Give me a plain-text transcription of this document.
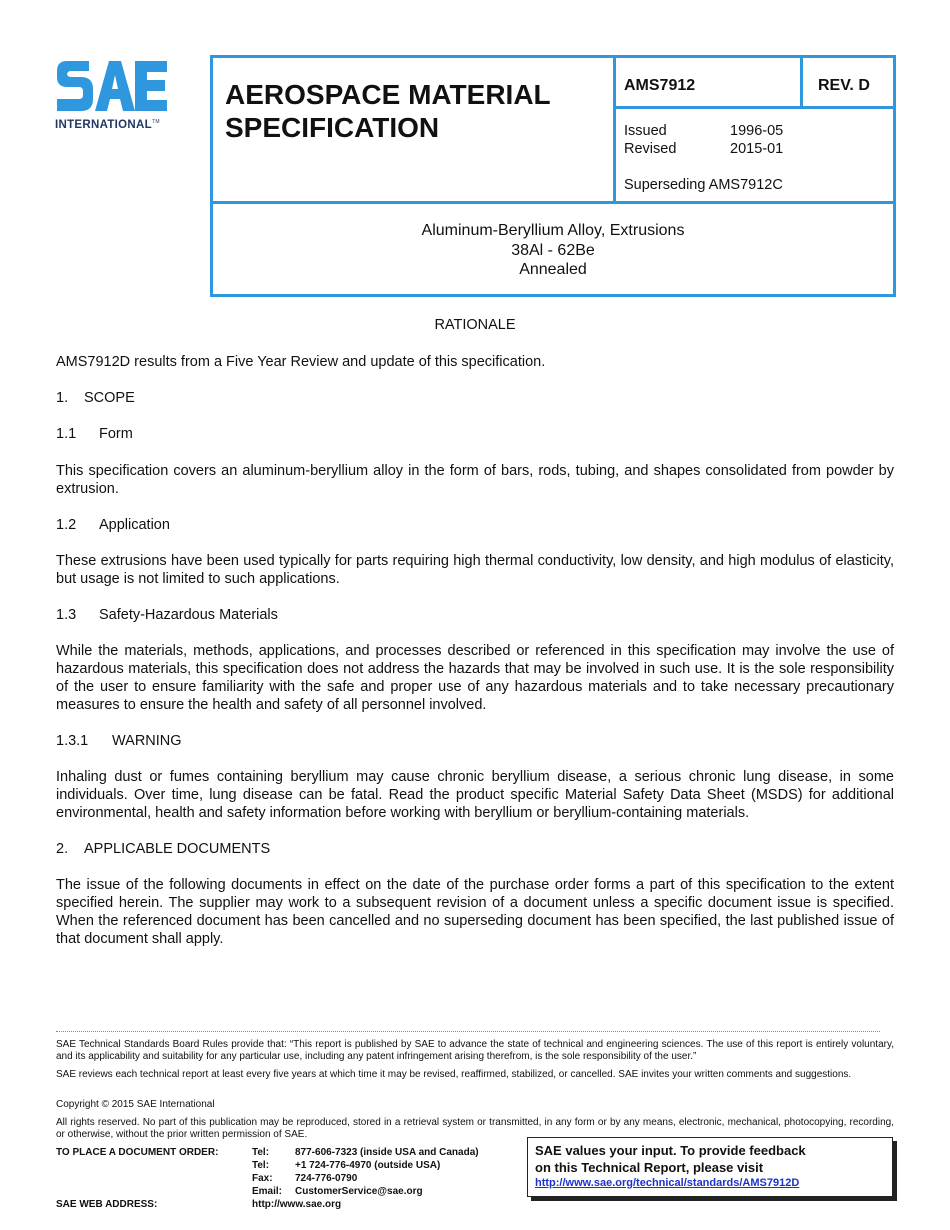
INTERNATIONAL™
AEROSPACE MATERIAL
SPECIFICATION
AMS7912	REV. D
Issued	1996-05
Revised	2015-01
Superseding AMS7912C
Aluminum-Beryllium Alloy, Extrusions
38Al - 62Be
Annealed
RATIONALE
AMS7912D results from a Five Year Review and update of this specification.
1. SCOPE
1.1 Form
This specification covers an aluminum-beryllium alloy in the form of bars, rods, tubing, and shapes consolidated from powder by extrusion.
1.2 Application
These extrusions have been used typically for parts requiring high thermal conductivity, low density, and high modulus of elasticity, but usage is not limited to such applications.
1.3 Safety-Hazardous Materials
While the materials, methods, applications, and processes described or referenced in this specification may involve the use of hazardous materials, this specification does not address the hazards that may be involved in such use. It is the sole responsibility of the user to ensure familiarity with the safe and proper use of any hazardous materials and to take necessary precautionary measures to ensure the health and safety of all personnel involved.
1.3.1 WARNING
Inhaling dust or fumes containing beryllium may cause chronic beryllium disease, a serious chronic lung disease, in some individuals. Over time, lung disease can be fatal. Read the product specific Material Safety Data Sheet (MSDS) for additional environmental, health and safety information before working with beryllium or beryllium-containing materials.
2. APPLICABLE DOCUMENTS
The issue of the following documents in effect on the date of the purchase order forms a part of this specification to the extent specified herein. The supplier may work to a subsequent revision of a document unless a specific document issue is specified. When the referenced document has been cancelled and no superseding document has been specified, the last published issue of that document shall apply.
SAE Technical Standards Board Rules provide that: “This report is published by SAE to advance the state of technical and engineering sciences. The use of this report is entirely voluntary, and its applicability and suitability for any particular use, including any patent infringement arising therefrom, is the sole responsibility of the user.”
SAE reviews each technical report at least every five years at which time it may be revised, reaffirmed, stabilized, or cancelled. SAE invites your written comments and suggestions.
Copyright © 2015 SAE International
All rights reserved. No part of this publication may be reproduced, stored in a retrieval system or transmitted, in any form or by any means, electronic, mechanical, photocopying, recording, or otherwise, without the prior written permission of SAE.
TO PLACE A DOCUMENT ORDER:	Tel:	877-606-7323 (inside USA and Canada)
Tel:	+1 724-776-4970 (outside USA)
Fax: 724-776-0790
Email: CustomerService@sae.org
SAE WEB ADDRESS:	http://www.sae.org
SAE values your input. To provide feedback
on this Technical Report, please visit
http://www.sae.org/technical/standards/AMS7912D
